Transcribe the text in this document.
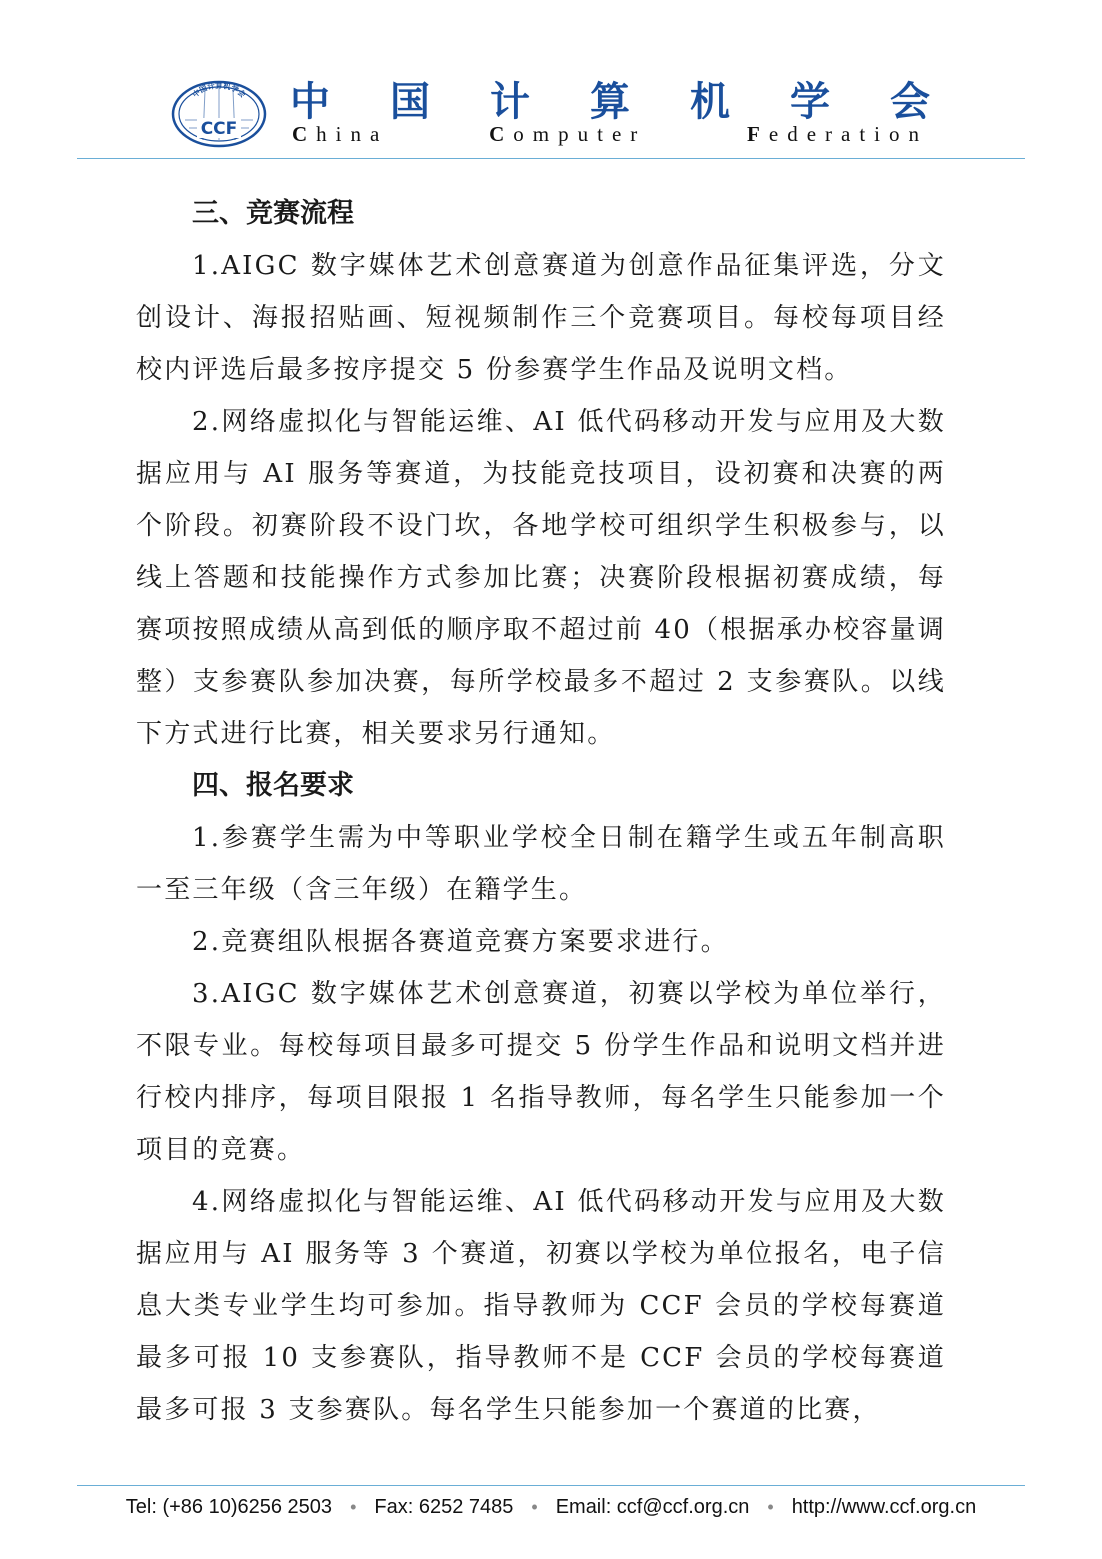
中国计算机学会
CCF
中 国 计 算 机 学 会
China	Computer	Federation

三、竞赛流程

1.AIGC 数字媒体艺术创意赛道为创意作品征集评选，分文创设计、海报招贴画、短视频制作三个竞赛项目。每校每项目经校内评选后最多按序提交 5 份参赛学生作品及说明文档。

2.网络虚拟化与智能运维、AI 低代码移动开发与应用及大数据应用与 AI 服务等赛道，为技能竞技项目，设初赛和决赛的两个阶段。初赛阶段不设门坎，各地学校可组织学生积极参与，以线上答题和技能操作方式参加比赛；决赛阶段根据初赛成绩，每赛项按照成绩从高到低的顺序取不超过前 40（根据承办校容量调整）支参赛队参加决赛，每所学校最多不超过 2 支参赛队。以线下方式进行比赛，相关要求另行通知。

四、报名要求

1.参赛学生需为中等职业学校全日制在籍学生或五年制高职一至三年级（含三年级）在籍学生。

2.竞赛组队根据各赛道竞赛方案要求进行。

3.AIGC 数字媒体艺术创意赛道，初赛以学校为单位举行，不限专业。每校每项目最多可提交 5 份学生作品和说明文档并进行校内排序，每项目限报 1 名指导教师，每名学生只能参加一个项目的竞赛。

4.网络虚拟化与智能运维、AI 低代码移动开发与应用及大数据应用与 AI 服务等 3 个赛道，初赛以学校为单位报名，电子信息大类专业学生均可参加。指导教师为 CCF 会员的学校每赛道最多可报 10 支参赛队，指导教师不是 CCF 会员的学校每赛道最多可报 3 支参赛队。每名学生只能参加一个赛道的比赛，

Tel: (+86 10)6256 2503 • Fax: 6252 7485 • Email: ccf@ccf.org.cn • http://www.ccf.org.cn
